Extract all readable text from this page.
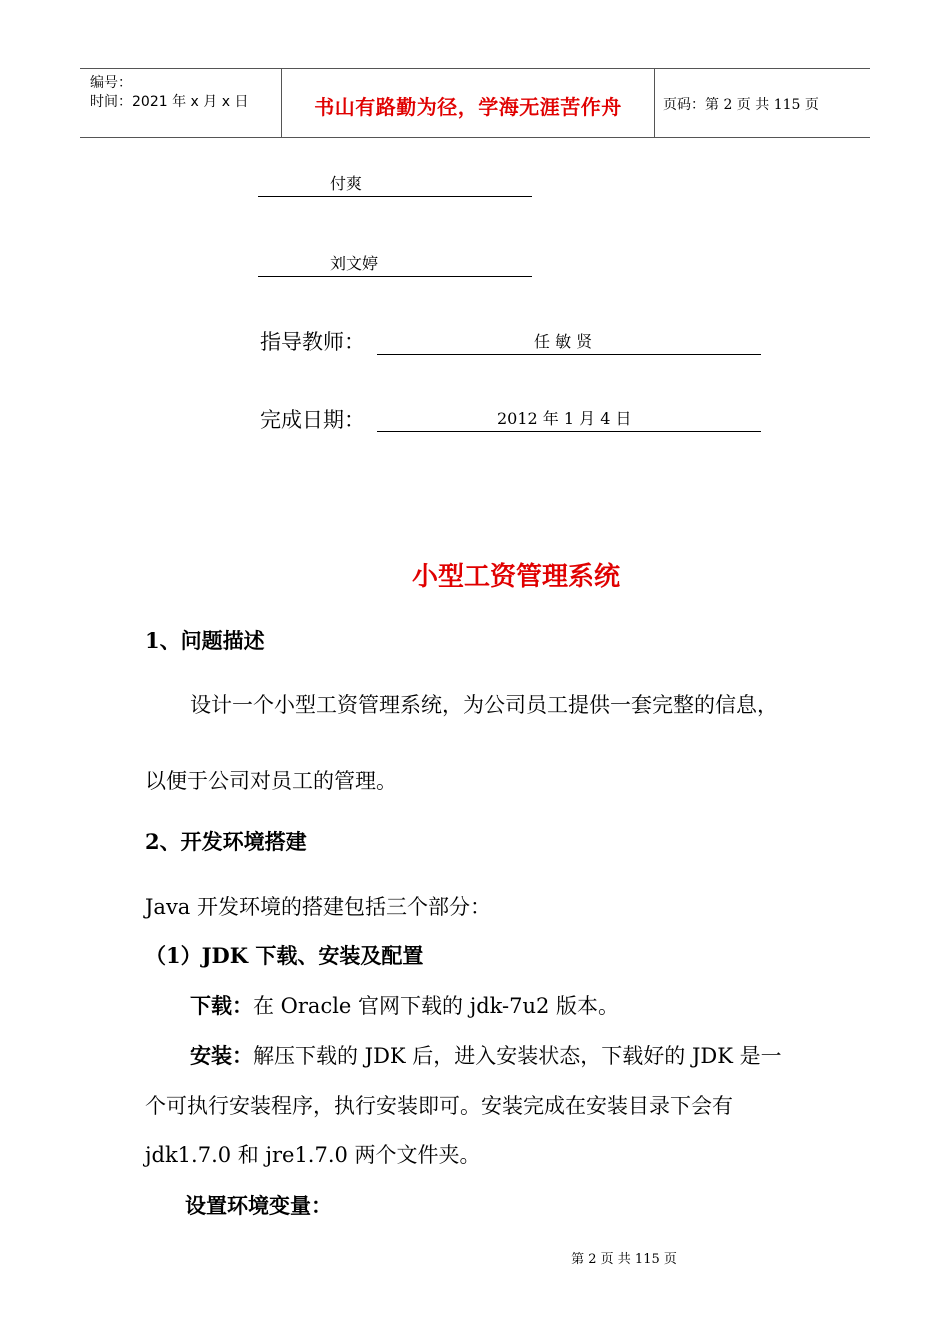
编号：
时间：2021 年 x 月 x 日	书山有路勤为径，学海无涯苦作舟	页码：第 2 页 共 115 页
付爽
刘文婷
指导教师：	任 敏 贤
完成日期：	2012 年 1 月 4 日
小型工资管理系统
1、问题描述
设计一个小型工资管理系统，为公司员工提供一套完整的信息，
以便于公司对员工的管理。
2、开发环境搭建
Java 开发环境的搭建包括三个部分：
（1）JDK 下载、安装及配置
下载：在 Oracle 官网下载的 jdk-7u2 版本。
安装：解压下载的 JDK 后，进入安装状态，下载好的 JDK 是一
个可执行安装程序，执行安装即可。安装完成在安装目录下会有
jdk1.7.0 和 jre1.7.0 两个文件夹。
设置环境变量：
第 2 页 共 115 页
